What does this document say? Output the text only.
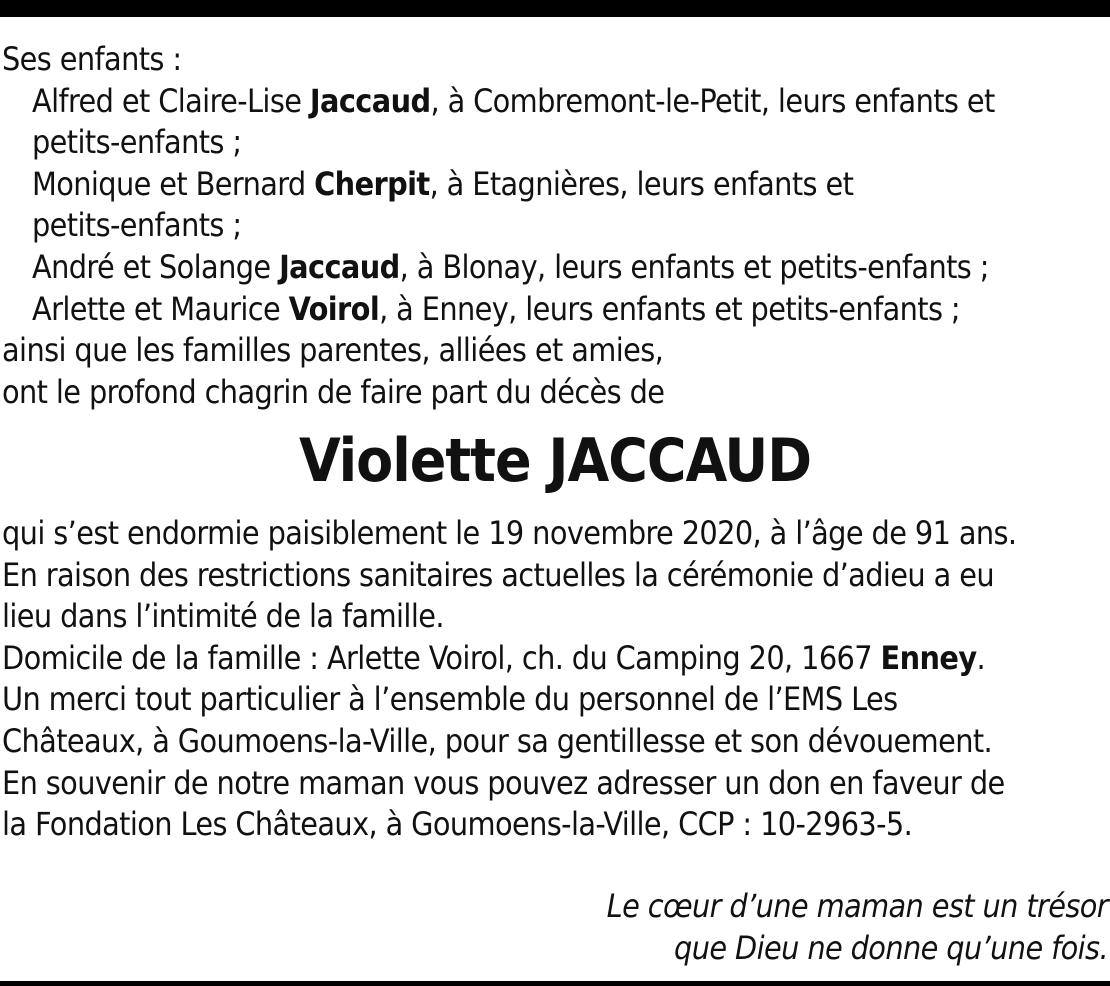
Ses enfants :
Alfred et Claire-Lise Jaccaud, à Combremont-le-Petit, leurs enfants et
petits-enfants ;
Monique et Bernard Cherpit, à Etagnières, leurs enfants et
petits-enfants ;
André et Solange Jaccaud, à Blonay, leurs enfants et petits-enfants ;
Arlette et Maurice Voirol, à Enney, leurs enfants et petits-enfants ;
ainsi que les familles parentes, alliées et amies,
ont le profond chagrin de faire part du décès de
Violette JACCAUD
qui s’est endormie paisiblement le 19 novembre 2020, à l’âge de 91 ans.
En raison des restrictions sanitaires actuelles la cérémonie d’adieu a eu
lieu dans l’intimité de la famille.
Domicile de la famille : Arlette Voirol, ch. du Camping 20, 1667 Enney.
Un merci tout particulier à l’ensemble du personnel de l’EMS Les
Châteaux, à Goumoens-la-Ville, pour sa gentillesse et son dévouement.
En souvenir de notre maman vous pouvez adresser un don en faveur de
la Fondation Les Châteaux, à Goumoens-la-Ville, CCP : 10-2963-5.
Le cœur d’une maman est un trésor
que Dieu ne donne qu’une fois.
